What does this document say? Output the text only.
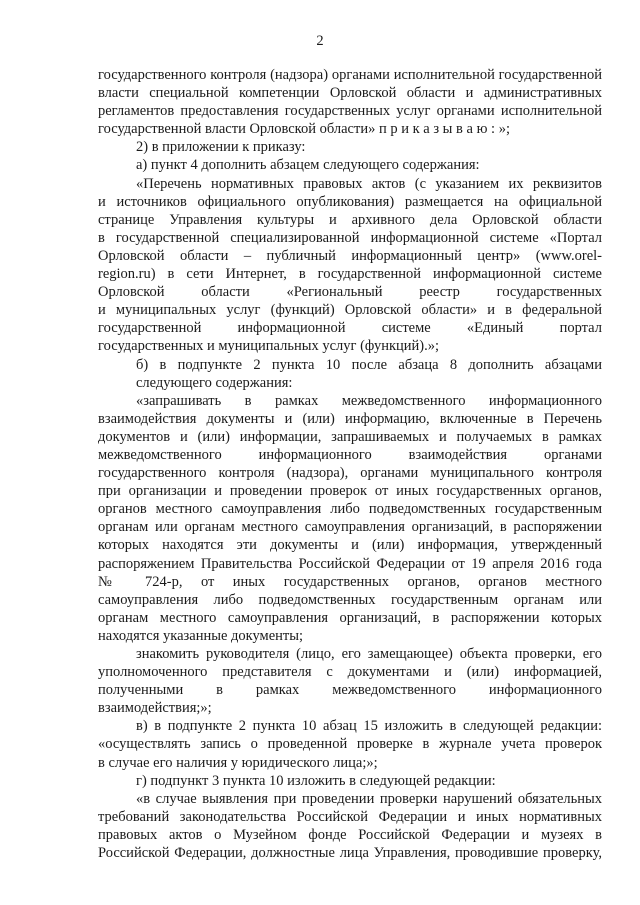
2
государственного контроля (надзора) органами исполнительной государственной
власти специальной компетенции Орловской области и административных
регламентов предоставления государственных услуг органами исполнительной
государственной власти Орловской области» п р и к а з ы в а ю : »;
2) в приложении к приказу:
а) пункт 4 дополнить абзацем следующего содержания:
«Перечень нормативных правовых актов (с указанием их реквизитов
и источников официального опубликования) размещается на официальной
странице Управления культуры и архивного дела Орловской области
в государственной специализированной информационной системе «Портал
Орловской области – публичный информационный центр» (www.orel-
region.ru) в сети Интернет, в государственной информационной системе
Орловской области «Региональный реестр государственных
и муниципальных услуг (функций) Орловской области» и в федеральной
государственной информационной системе «Единый портал
государственных и муниципальных услуг (функций).»;
б) в подпункте 2 пункта 10 после абзаца 8 дополнить абзацами
следующего содержания:
«запрашивать в рамках межведомственного информационного
взаимодействия документы и (или) информацию, включенные в Перечень
документов и (или) информации, запрашиваемых и получаемых в рамках
межведомственного информационного взаимодействия органами
государственного контроля (надзора), органами муниципального контроля
при организации и проведении проверок от иных государственных органов,
органов местного самоуправления либо подведомственных государственным
органам или органам местного самоуправления организаций, в распоряжении
которых находятся эти документы и (или) информация, утвержденный
распоряжением Правительства Российской Федерации от 19 апреля 2016 года
№ 724-р, от иных государственных органов, органов местного
самоуправления либо подведомственных государственным органам или
органам местного самоуправления организаций, в распоряжении которых
находятся указанные документы;
знакомить руководителя (лицо, его замещающее) объекта проверки, его
уполномоченного представителя с документами и (или) информацией,
полученными в рамках межведомственного информационного
взаимодействия;»;
в) в подпункте 2 пункта 10 абзац 15 изложить в следующей редакции:
«осуществлять запись о проведенной проверке в журнале учета проверок
в случае его наличия у юридического лица;»;
г) подпункт 3 пункта 10 изложить в следующей редакции:
«в случае выявления при проведении проверки нарушений обязательных
требований законодательства Российской Федерации и иных нормативных
правовых актов о Музейном фонде Российской Федерации и музеях в
Российской Федерации, должностные лица Управления, проводившие проверку,
